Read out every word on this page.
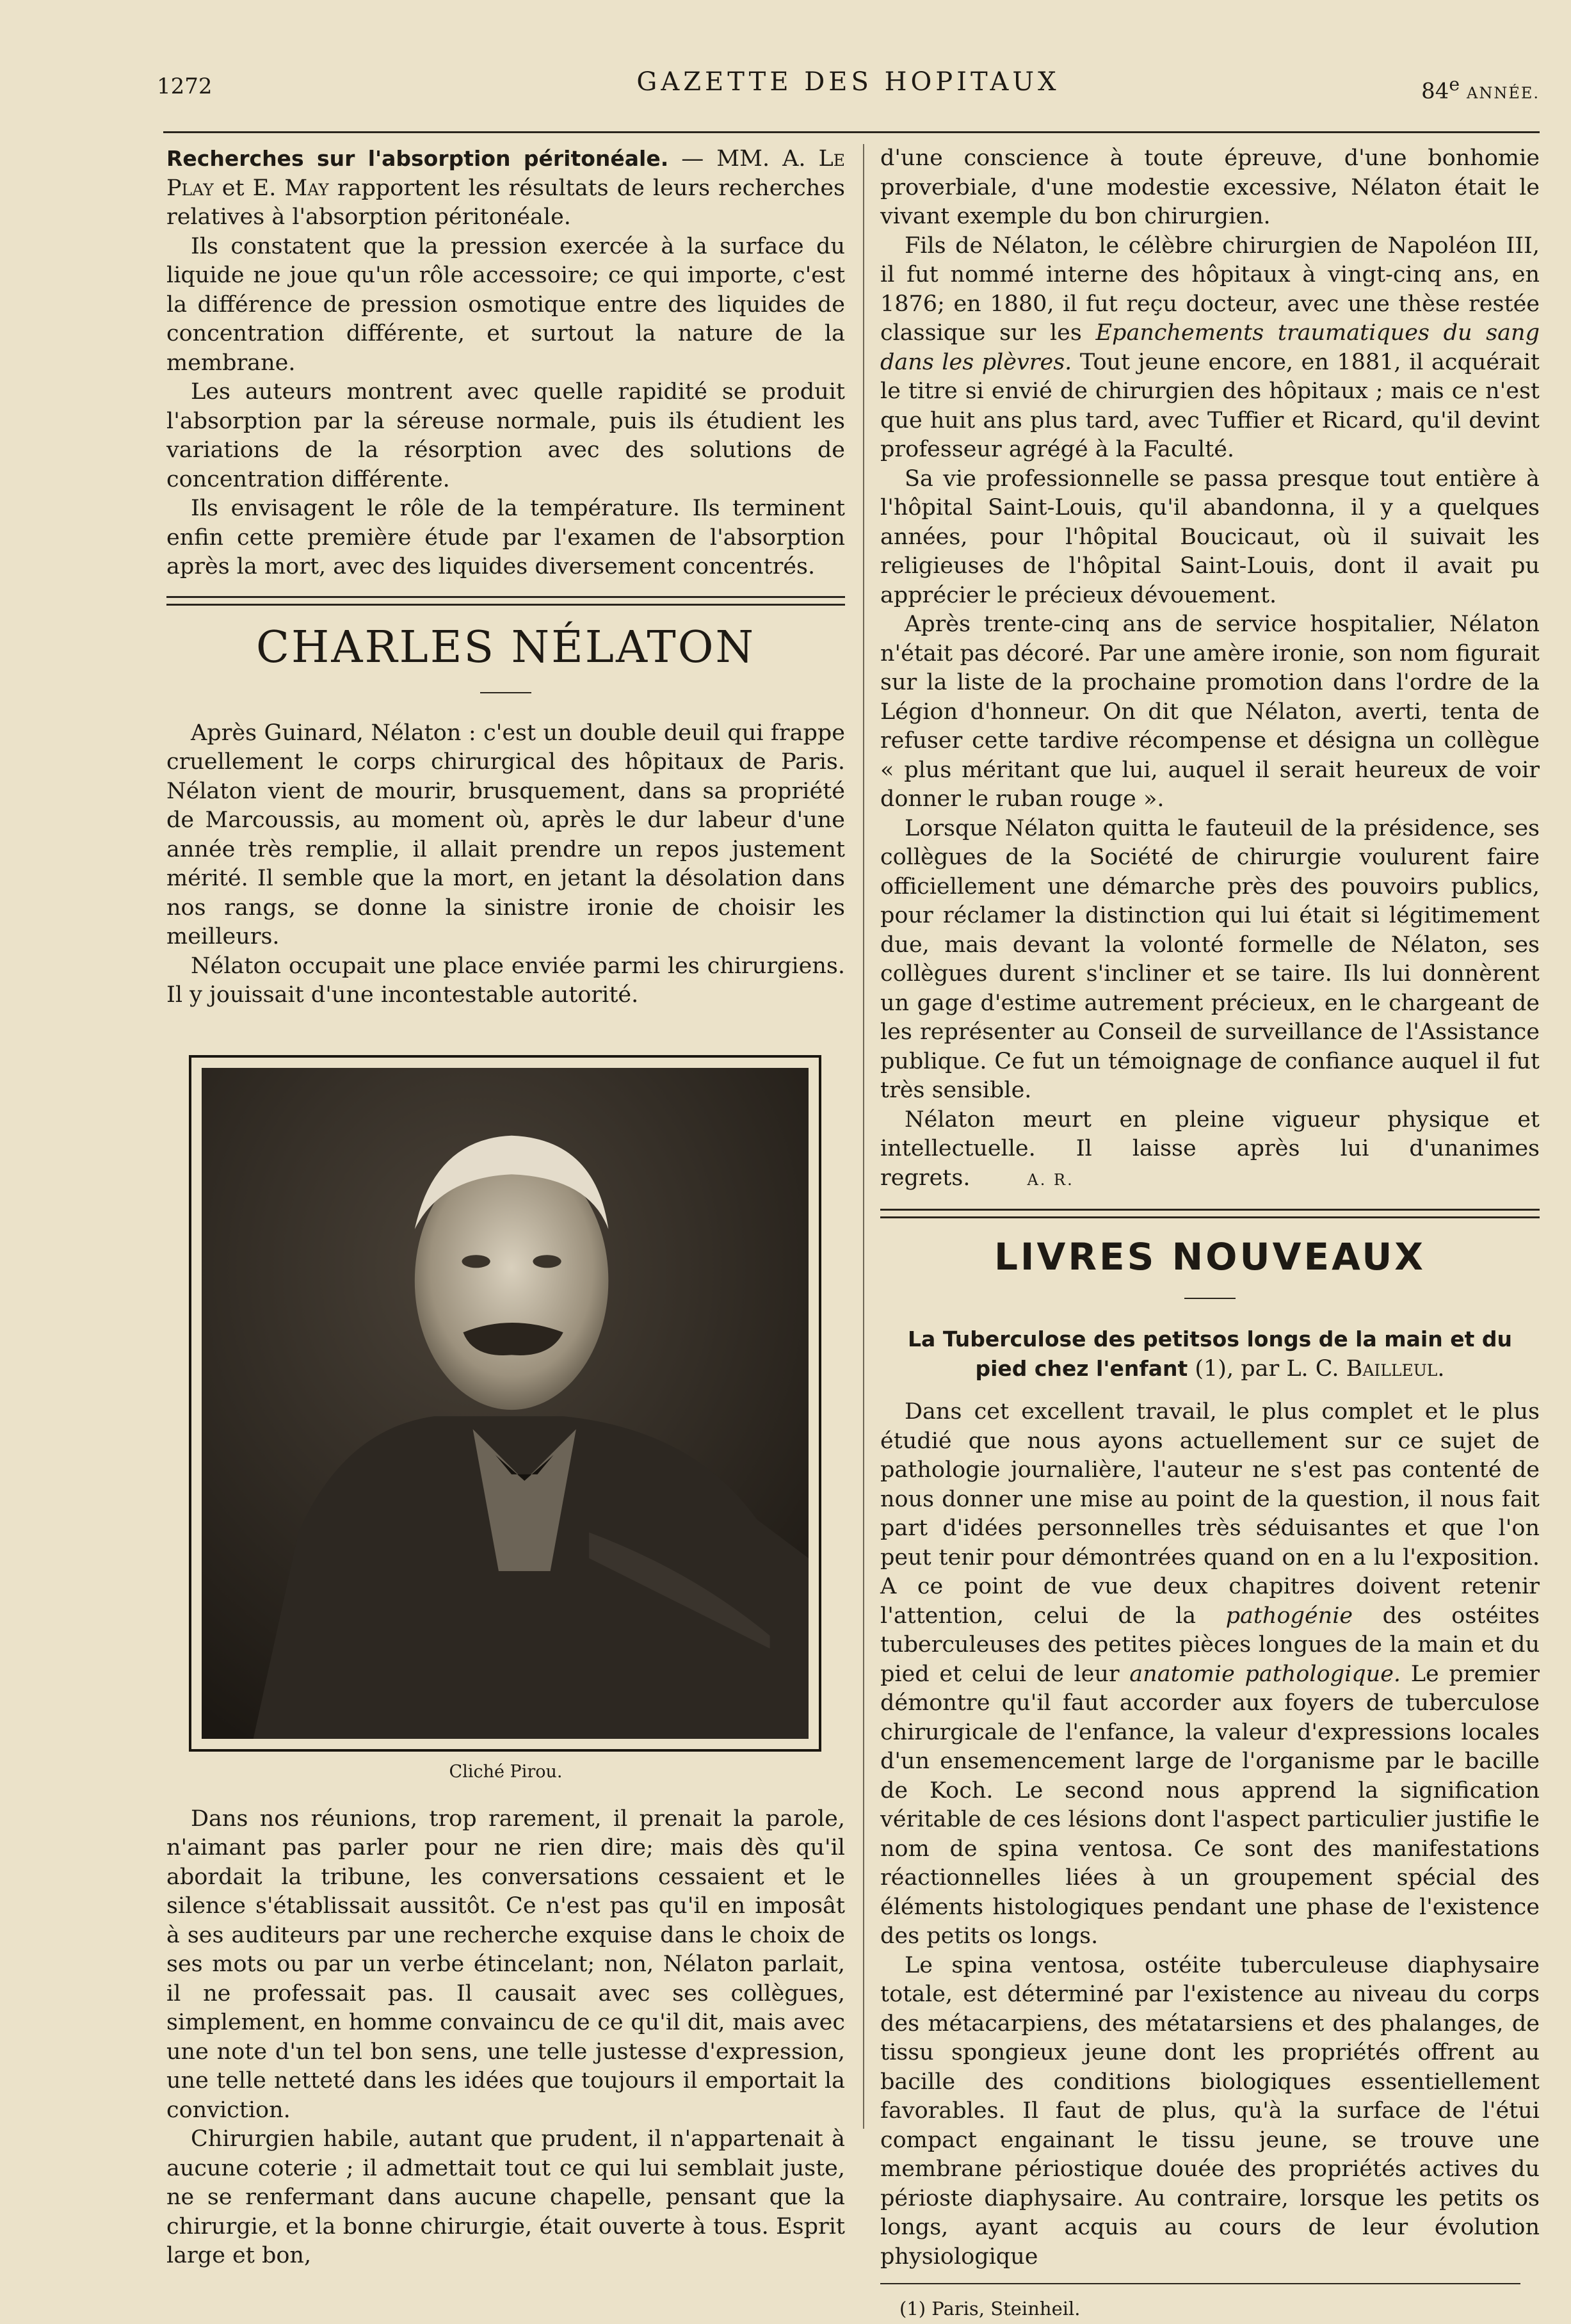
1272	GAZETTE DES HOPITAUX	84e ANNÉE.

Recherches sur l'absorption péritonéale. — MM. A. Le Play et E. May rapportent les résultats de leurs recherches relatives à l'absorption péritonéale.

Ils constatent que la pression exercée à la surface du liquide ne joue qu'un rôle accessoire; ce qui importe, c'est la différence de pression osmotique entre des liquides de concentration différente, et surtout la nature de la membrane.

Les auteurs montrent avec quelle rapidité se produit l'absorption par la séreuse normale, puis ils étudient les variations de la résorption avec des solutions de concentration différente.

Ils envisagent le rôle de la température. Ils terminent enfin cette première étude par l'examen de l'absorption après la mort, avec des liquides diversement concentrés.

CHARLES NÉLATON

Après Guinard, Nélaton : c'est un double deuil qui frappe cruellement le corps chirurgical des hôpitaux de Paris. Nélaton vient de mourir, brusquement, dans sa propriété de Marcoussis, au moment où, après le dur labeur d'une année très remplie, il allait prendre un repos justement mérité. Il semble que la mort, en jetant la désolation dans nos rangs, se donne la sinistre ironie de choisir les meilleurs.

Nélaton occupait une place enviée parmi les chirurgiens. Il y jouissait d'une incontestable autorité.

Cliché Pirou.

Dans nos réunions, trop rarement, il prenait la parole, n'aimant pas parler pour ne rien dire; mais dès qu'il abordait la tribune, les conversations cessaient et le silence s'établissait aussitôt. Ce n'est pas qu'il en imposât à ses auditeurs par une recherche exquise dans le choix de ses mots ou par un verbe étincelant; non, Nélaton parlait, il ne professait pas. Il causait avec ses collègues, simplement, en homme convaincu de ce qu'il dit, mais avec une note d'un tel bon sens, une telle justesse d'expression, une telle netteté dans les idées que toujours il emportait la conviction.

Chirurgien habile, autant que prudent, il n'appartenait à aucune coterie ; il admettait tout ce qui lui semblait juste, ne se renfermant dans aucune chapelle, pensant que la chirurgie, et la bonne chirurgie, était ouverte à tous. Esprit large et bon,

d'une conscience à toute épreuve, d'une bonhomie proverbiale, d'une modestie excessive, Nélaton était le vivant exemple du bon chirurgien.

Fils de Nélaton, le célèbre chirurgien de Napoléon III, il fut nommé interne des hôpitaux à vingt-cinq ans, en 1876; en 1880, il fut reçu docteur, avec une thèse restée classique sur les Epanchements traumatiques du sang dans les plèvres. Tout jeune encore, en 1881, il acquérait le titre si envié de chirurgien des hôpitaux ; mais ce n'est que huit ans plus tard, avec Tuffier et Ricard, qu'il devint professeur agrégé à la Faculté.

Sa vie professionnelle se passa presque tout entière à l'hôpital Saint-Louis, qu'il abandonna, il y a quelques années, pour l'hôpital Boucicaut, où il suivait les religieuses de l'hôpital Saint-Louis, dont il avait pu apprécier le précieux dévouement.

Après trente-cinq ans de service hospitalier, Nélaton n'était pas décoré. Par une amère ironie, son nom figurait sur la liste de la prochaine promotion dans l'ordre de la Légion d'honneur. On dit que Nélaton, averti, tenta de refuser cette tardive récompense et désigna un collègue « plus méritant que lui, auquel il serait heureux de voir donner le ruban rouge ».

Lorsque Nélaton quitta le fauteuil de la présidence, ses collègues de la Société de chirurgie voulurent faire officiellement une démarche près des pouvoirs publics, pour réclamer la distinction qui lui était si légitimement due, mais devant la volonté formelle de Nélaton, ses collègues durent s'incliner et se taire. Ils lui donnèrent un gage d'estime autrement précieux, en le chargeant de les représenter au Conseil de surveillance de l'Assistance publique. Ce fut un témoignage de confiance auquel il fut très sensible.

Nélaton meurt en pleine vigueur physique et intellectuelle. Il laisse après lui d'unanimes regrets.	A. R.

LIVRES NOUVEAUX

La Tuberculose des petitsos longs de la main et du pied chez l'enfant (1), par L. C. Bailleul.

Dans cet excellent travail, le plus complet et le plus étudié que nous ayons actuellement sur ce sujet de pathologie journalière, l'auteur ne s'est pas contenté de nous donner une mise au point de la question, il nous fait part d'idées personnelles très séduisantes et que l'on peut tenir pour démontrées quand on en a lu l'exposition. A ce point de vue deux chapitres doivent retenir l'attention, celui de la pathogénie des ostéites tuberculeuses des petites pièces longues de la main et du pied et celui de leur anatomie pathologique. Le premier démontre qu'il faut accorder aux foyers de tuberculose chirurgicale de l'enfance, la valeur d'expressions locales d'un ensemencement large de l'organisme par le bacille de Koch. Le second nous apprend la signification véritable de ces lésions dont l'aspect particulier justifie le nom de spina ventosa. Ce sont des manifestations réactionnelles liées à un groupement spécial des éléments histologiques pendant une phase de l'existence des petits os longs.

Le spina ventosa, ostéite tuberculeuse diaphysaire totale, est déterminé par l'existence au niveau du corps des métacarpiens, des métatarsiens et des phalanges, de tissu spongieux jeune dont les propriétés offrent au bacille des conditions biologiques essentiellement favorables. Il faut de plus, qu'à la surface de l'étui compact engainant le tissu jeune, se trouve une membrane périostique douée des propriétés actives du périoste diaphysaire. Au contraire, lorsque les petits os longs, ayant acquis au cours de leur évolution physiologique

(1) Paris, Steinheil.
